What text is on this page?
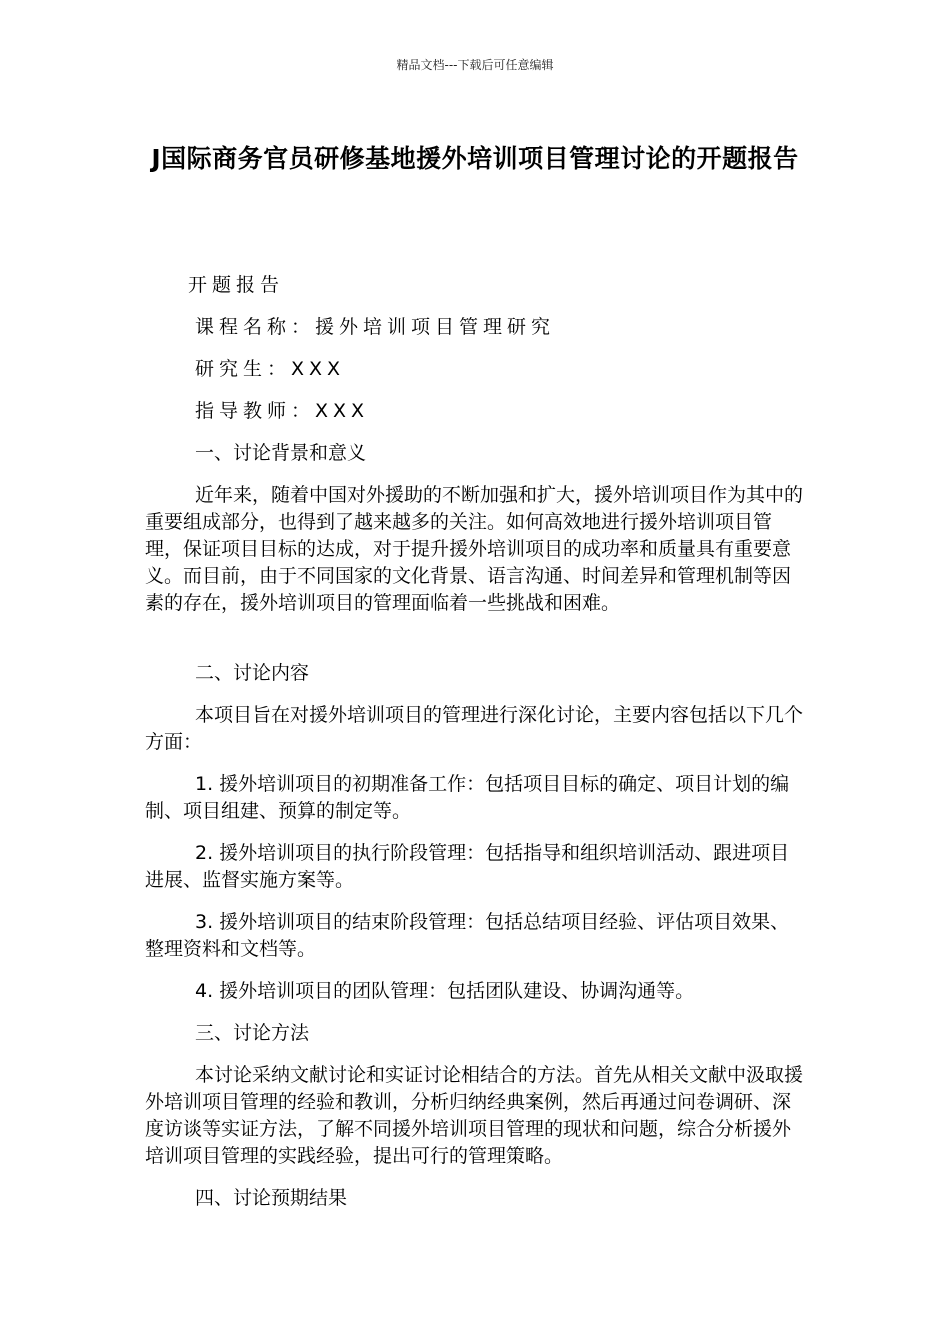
精品文档---下载后可任意编辑
J国际商务官员研修基地援外培训项目管理讨论的开题报告
开题报告
课程名称：援外培训项目管理研究
研究生：XXX
指导教师：XXX
一、讨论背景和意义

近年来，随着中国对外援助的不断加强和扩大，援外培训项目作为其中的重要组成部分，也得到了越来越多的关注。如何高效地进行援外培训项目管理，保证项目目标的达成，对于提升援外培训项目的成功率和质量具有重要意义。而目前，由于不同国家的文化背景、语言沟通、时间差异和管理机制等因素的存在，援外培训项目的管理面临着一些挑战和困难。

二、讨论内容

本项目旨在对援外培训项目的管理进行深化讨论，主要内容包括以下几个方面：

1. 援外培训项目的初期准备工作：包括项目目标的确定、项目计划的编制、项目组建、预算的制定等。

2. 援外培训项目的执行阶段管理：包括指导和组织培训活动、跟进项目进展、监督实施方案等。

3. 援外培训项目的结束阶段管理：包括总结项目经验、评估项目效果、整理资料和文档等。

4. 援外培训项目的团队管理：包括团队建设、协调沟通等。

三、讨论方法

本讨论采纳文献讨论和实证讨论相结合的方法。首先从相关文献中汲取援外培训项目管理的经验和教训，分析归纳经典案例，然后再通过问卷调研、深度访谈等实证方法，了解不同援外培训项目管理的现状和问题，综合分析援外培训项目管理的实践经验，提出可行的管理策略。

四、讨论预期结果
